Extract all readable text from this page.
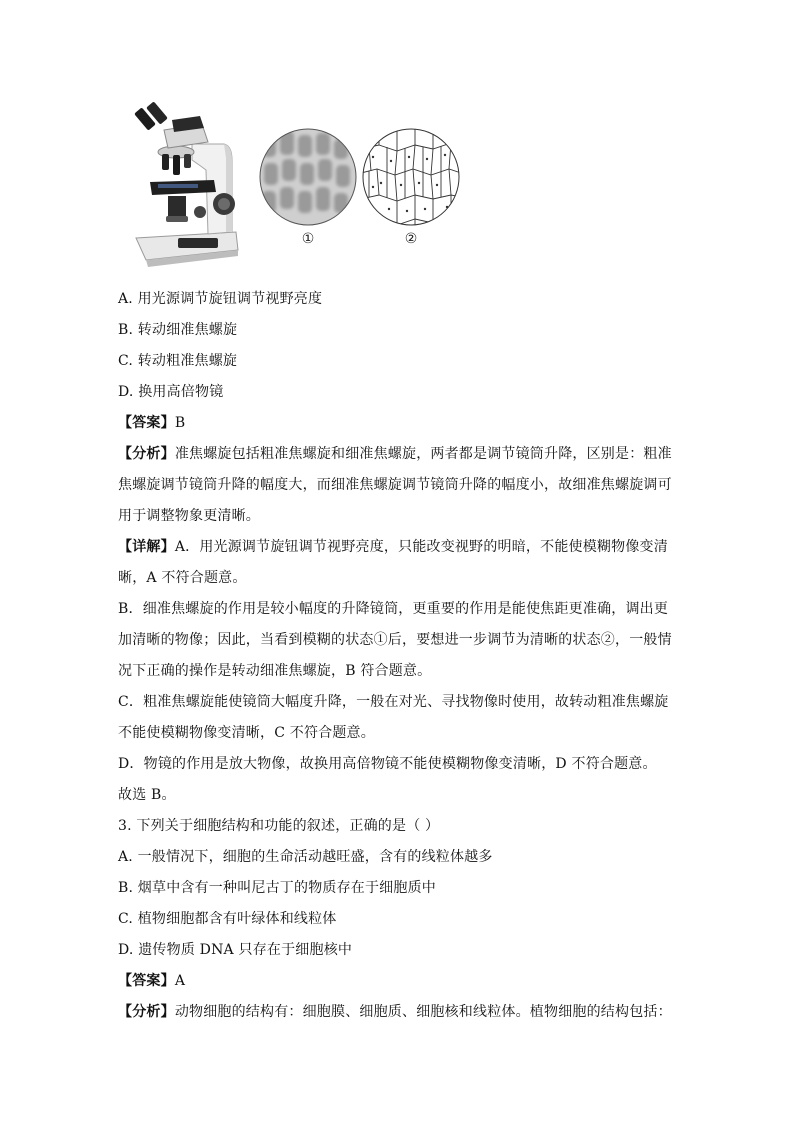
①	②
A. 用光源调节旋钮调节视野亮度
B. 转动细准焦螺旋
C. 转动粗准焦螺旋
D. 换用高倍物镜
【答案】B
【分析】准焦螺旋包括粗准焦螺旋和细准焦螺旋，两者都是调节镜筒升降，区别是：粗准
焦螺旋调节镜筒升降的幅度大，而细准焦螺旋调节镜筒升降的幅度小，故细准焦螺旋调可
用于调整物象更清晰。
【详解】A．用光源调节旋钮调节视野亮度，只能改变视野的明暗，不能使模糊物像变清
晰，A 不符合题意。
B．细准焦螺旋的作用是较小幅度的升降镜筒，更重要的作用是能使焦距更准确，调出更
加清晰的物像；因此，当看到模糊的状态①后，要想进一步调节为清晰的状态②，一般情
况下正确的操作是转动细准焦螺旋，B 符合题意。
C．粗准焦螺旋能使镜筒大幅度升降，一般在对光、寻找物像时使用，故转动粗准焦螺旋
不能使模糊物像变清晰，C 不符合题意。
D．物镜的作用是放大物像，故换用高倍物镜不能使模糊物像变清晰，D 不符合题意。
故选 B。
3. 下列关于细胞结构和功能的叙述，正确的是（ ）
A. 一般情况下，细胞的生命活动越旺盛，含有的线粒体越多
B. 烟草中含有一种叫尼古丁的物质存在于细胞质中
C. 植物细胞都含有叶绿体和线粒体
D. 遗传物质 DNA 只存在于细胞核中
【答案】A
【分析】动物细胞的结构有：细胞膜、细胞质、细胞核和线粒体。植物细胞的结构包括：
